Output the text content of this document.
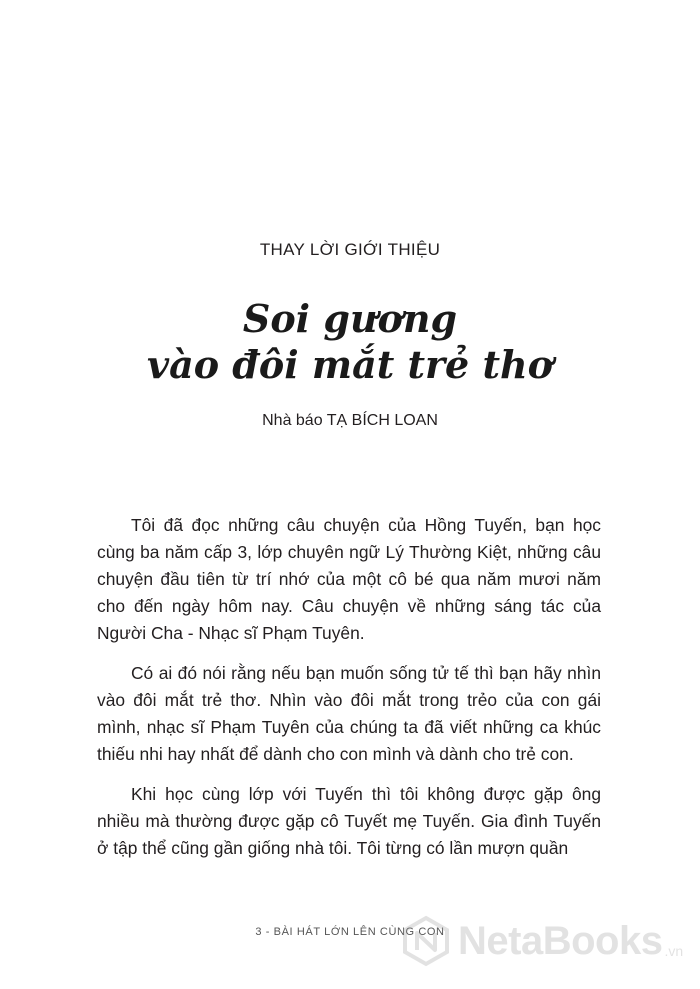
THAY LỜI GIỚI THIỆU
Soi gương
vào đôi mắt trẻ thơ
Nhà báo TẠ BÍCH LOAN

Tôi đã đọc những câu chuyện của Hồng Tuyến, bạn học cùng ba năm cấp 3, lớp chuyên ngữ Lý Thường Kiệt, những câu chuyện đầu tiên từ trí nhớ của một cô bé qua năm mươi năm cho đến ngày hôm nay. Câu chuyện về những sáng tác của Người Cha - Nhạc sĩ Phạm Tuyên.

Có ai đó nói rằng nếu bạn muốn sống tử tế thì bạn hãy nhìn vào đôi mắt trẻ thơ. Nhìn vào đôi mắt trong trẻo của con gái mình, nhạc sĩ Phạm Tuyên của chúng ta đã viết những ca khúc thiếu nhi hay nhất để dành cho con mình và dành cho trẻ con.

Khi học cùng lớp với Tuyến thì tôi không được gặp ông nhiều mà thường được gặp cô Tuyết mẹ Tuyến. Gia đình Tuyến ở tập thể cũng gần giống nhà tôi. Tôi từng có lần mượn quần

3 - BÀI HÁT LỚN LÊN CÙNG CON NetaBooks .vn
